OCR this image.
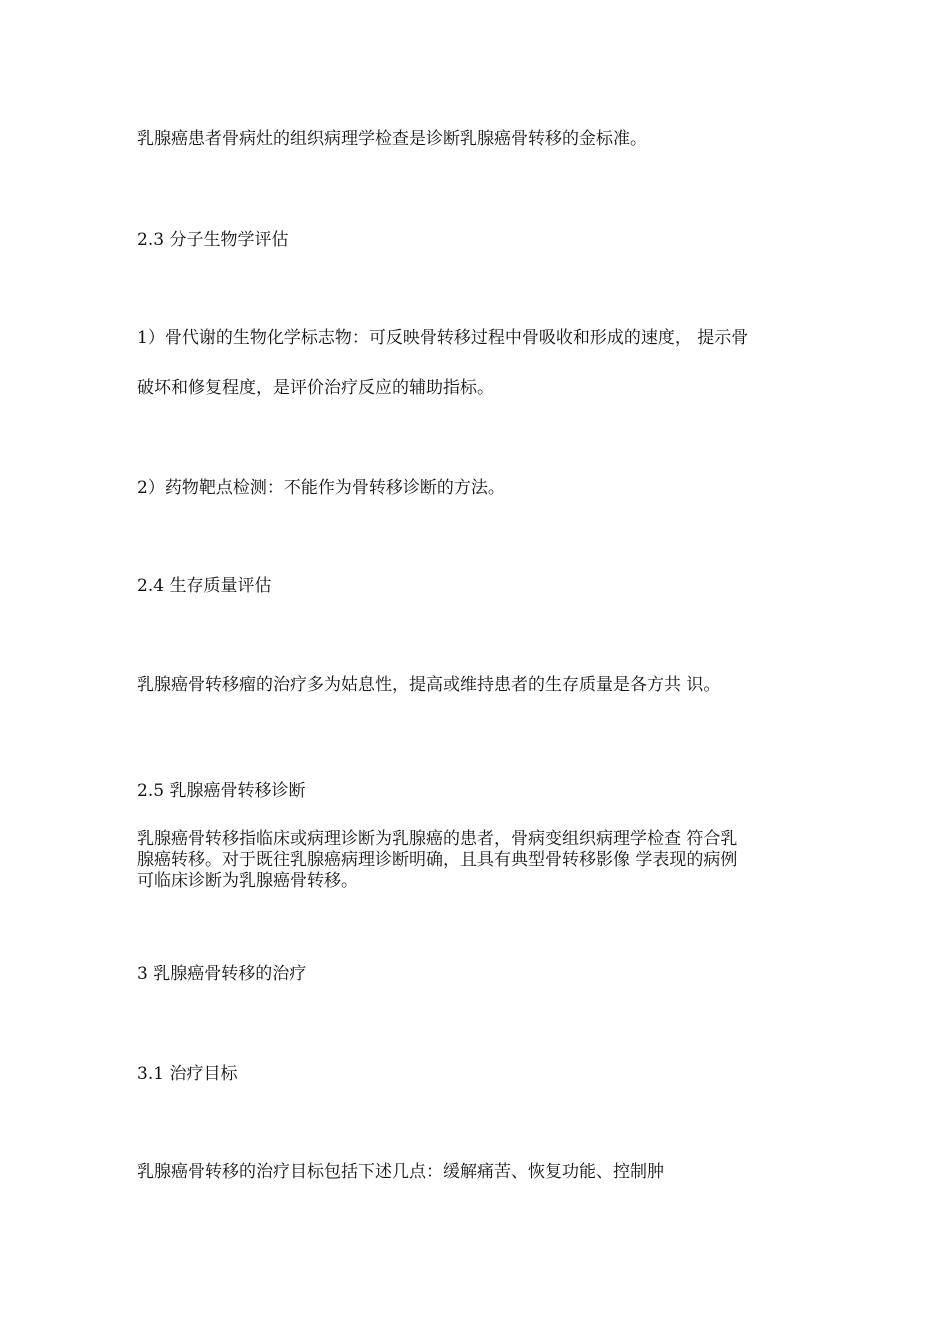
乳腺癌患者骨病灶的组织病理学检查是诊断乳腺癌骨转移的金标准。

2.3 分子生物学评估

1）骨代谢的生物化学标志物：可反映骨转移过程中骨吸收和形成的速度， 提示骨

破坏和修复程度，是评价治疗反应的辅助指标。

2）药物靶点检测：不能作为骨转移诊断的方法。

2.4 生存质量评估

乳腺癌骨转移瘤的治疗多为姑息性，提高或维持患者的生存质量是各方共 识。

2.5 乳腺癌骨转移诊断

乳腺癌骨转移指临床或病理诊断为乳腺癌的患者，骨病变组织病理学检查 符合乳
腺癌转移。对于既往乳腺癌病理诊断明确，且具有典型骨转移影像 学表现的病例
可临床诊断为乳腺癌骨转移。

3 乳腺癌骨转移的治疗

3.1 治疗目标

乳腺癌骨转移的治疗目标包括下述几点：缓解痛苦、恢复功能、控制肿
